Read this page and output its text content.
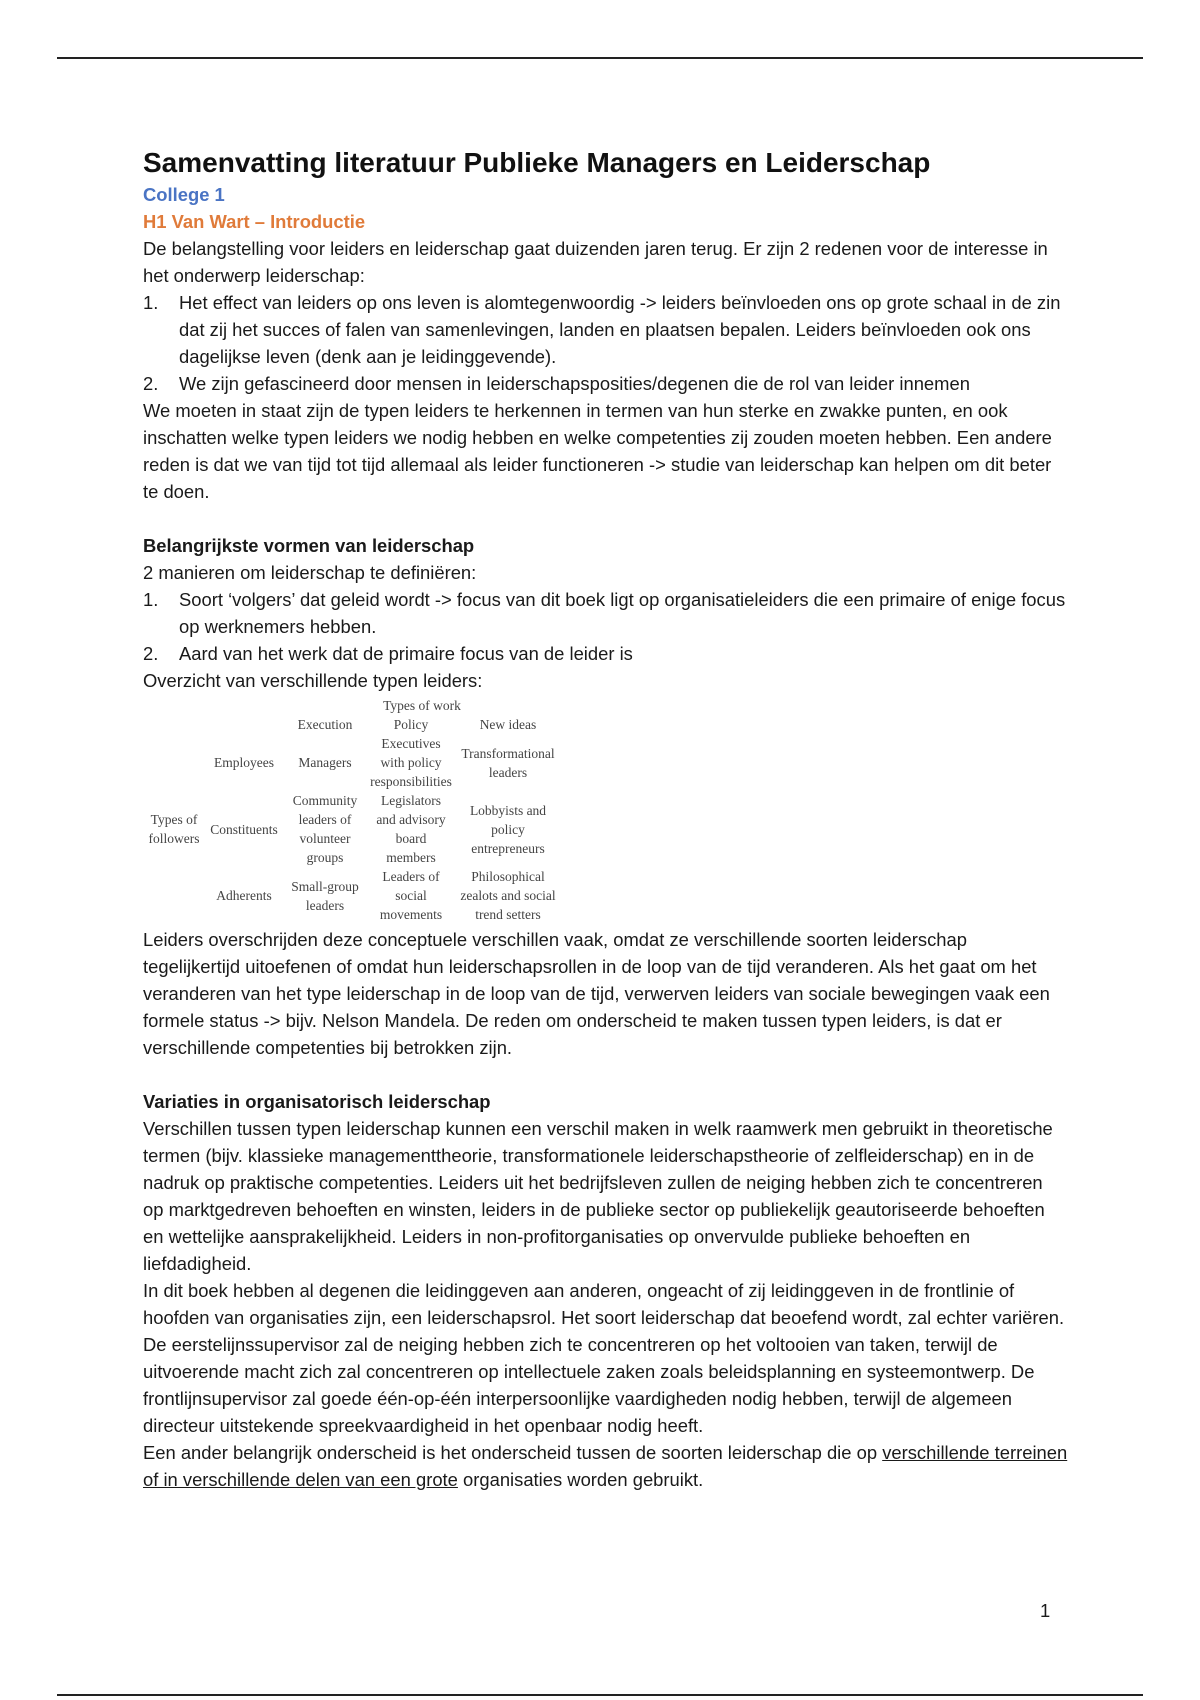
Samenvatting literatuur Publieke Managers en Leiderschap
College 1
H1 Van Wart – Introductie

De belangstelling voor leiders en leiderschap gaat duizenden jaren terug. Er zijn 2 redenen voor de interesse in het onderwerp leiderschap:

1. Het effect van leiders op ons leven is alomtegenwoordig -> leiders beïnvloeden ons op grote schaal in de zin dat zij het succes of falen van samenlevingen, landen en plaatsen bepalen. Leiders beïnvloeden ook ons dagelijkse leven (denk aan je leidinggevende).
2. We zijn gefascineerd door mensen in leiderschapsposities/degenen die de rol van leider innemen

We moeten in staat zijn de typen leiders te herkennen in termen van hun sterke en zwakke punten, en ook inschatten welke typen leiders we nodig hebben en welke competenties zij zouden moeten hebben. Een andere reden is dat we van tijd tot tijd allemaal als leider functioneren -> studie van leiderschap kan helpen om dit beter te doen.

Belangrijkste vormen van leiderschap

2 manieren om leiderschap te definiëren:

1. Soort ‘volgers’ dat geleid wordt -> focus van dit boek ligt op organisatieleiders die een primaire of enige focus op werknemers hebben.
2. Aard van het werk dat de primaire focus van de leider is

Overzicht van verschillende typen leiders:

		Types of work		
		Execution	Policy	New ideas
	Employees	Managers	Executives with policy responsibilities	Transformational leaders
Types of followers	Constituents	Community leaders of volunteer groups	Legislators and advisory board members	Lobbyists and policy entrepreneurs
	Adherents	Small-group leaders	Leaders of social movements	Philosophical zealots and social trend setters

Leiders overschrijden deze conceptuele verschillen vaak, omdat ze verschillende soorten leiderschap tegelijkertijd uitoefenen of omdat hun leiderschapsrollen in de loop van de tijd veranderen. Als het gaat om het veranderen van het type leiderschap in de loop van de tijd, verwerven leiders van sociale bewegingen vaak een formele status -> bijv. Nelson Mandela. De reden om onderscheid te maken tussen typen leiders, is dat er verschillende competenties bij betrokken zijn.

Variaties in organisatorisch leiderschap

Verschillen tussen typen leiderschap kunnen een verschil maken in welk raamwerk men gebruikt in theoretische termen (bijv. klassieke managementtheorie, transformationele leiderschapstheorie of zelfleiderschap) en in de nadruk op praktische competenties. Leiders uit het bedrijfsleven zullen de neiging hebben zich te concentreren op marktgedreven behoeften en winsten, leiders in de publieke sector op publiekelijk geautoriseerde behoeften en wettelijke aansprakelijkheid. Leiders in non-profitorganisaties op onvervulde publieke behoeften en liefdadigheid.

In dit boek hebben al degenen die leidinggeven aan anderen, ongeacht of zij leidinggeven in de frontlinie of hoofden van organisaties zijn, een leiderschapsrol. Het soort leiderschap dat beoefend wordt, zal echter variëren. De eerstelijnssupervisor zal de neiging hebben zich te concentreren op het voltooien van taken, terwijl de uitvoerende macht zich zal concentreren op intellectuele zaken zoals beleidsplanning en systeemontwerp. De frontlijnsupervisor zal goede één-op-één interpersoonlijke vaardigheden nodig hebben, terwijl de algemeen directeur uitstekende spreekvaardigheid in het openbaar nodig heeft.

Een ander belangrijk onderscheid is het onderscheid tussen de soorten leiderschap die op verschillende terreinen of in verschillende delen van een grote organisaties worden gebruikt.

1
